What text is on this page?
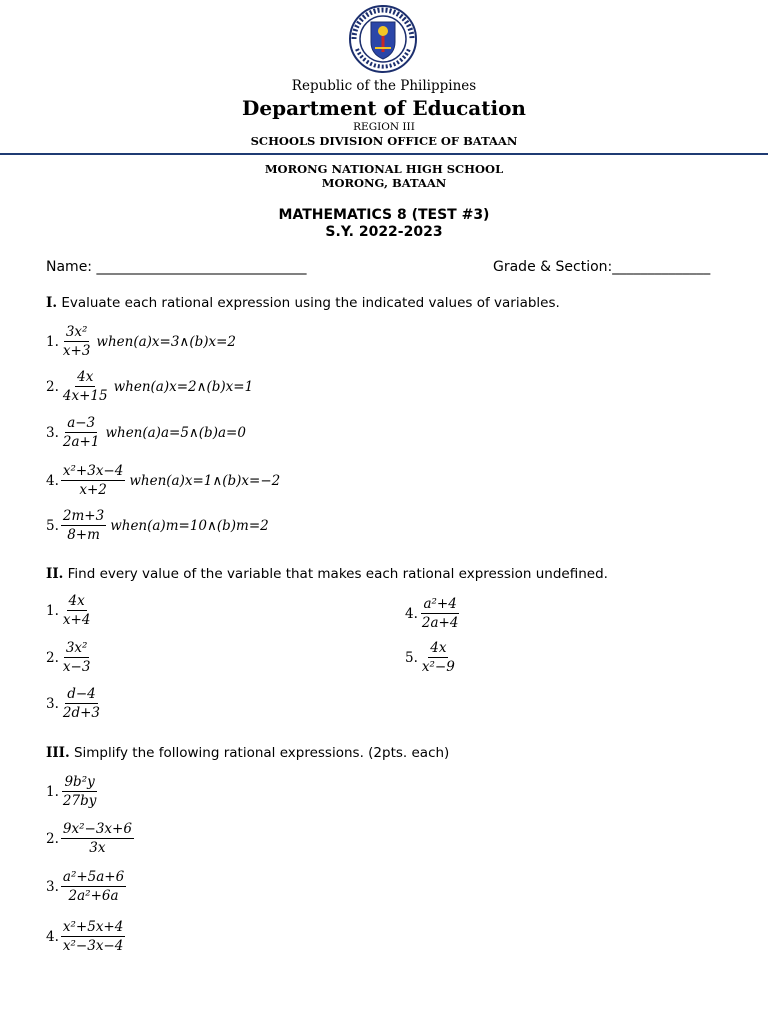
Republic of the Philippines
Department of Education
REGION III
SCHOOLS DIVISION OFFICE OF BATAAN
MORONG NATIONAL HIGH SCHOOL
MORONG, BATAAN
MATHEMATICS 8 (TEST #3)
S.Y. 2022-2023
Name: ______________________________	Grade & Section:______________
I. Evaluate each rational expression using the indicated values of variables.
1. $\frac{\text{3x²}}{x+3}$ when(a)x=3∧(b)x=2
2. $\frac{4x}{4x+15}$ when(a)x=2∧(b)x=1
3. $\frac{a-3}{2a+1}$ when(a)a=5∧(b)a=0
4. $\frac{\text{x²+3x−4}}{x+2}$ when(a)x=1∧(b)x=−2
5. $\frac{2m+3}{8+m}$ when(a)m=10∧(b)m=2
II. Find every value of the variable that makes each rational expression undefined.
1. $\frac{4x}{x+4}$
2. $\frac{\text{3x²}}{x-3}$
3. $\frac{d-4}{2d+3}$
4. $\frac{\text{a²+4}}{2a+4}$
5. $\frac{4x}{\text{x²−9}}$
III. Simplify the following rational expressions. (2pts. each)
1. $\frac{\text{9b²y}}{27by}$
2. $\frac{\text{9x²−3x+6}}{3x}$
3. $\frac{\text{a²+5a+6}}{\text{2a²+6a}}$
4. $\frac{\text{x²+5x+4}}{\text{x²−3x−4}}$
